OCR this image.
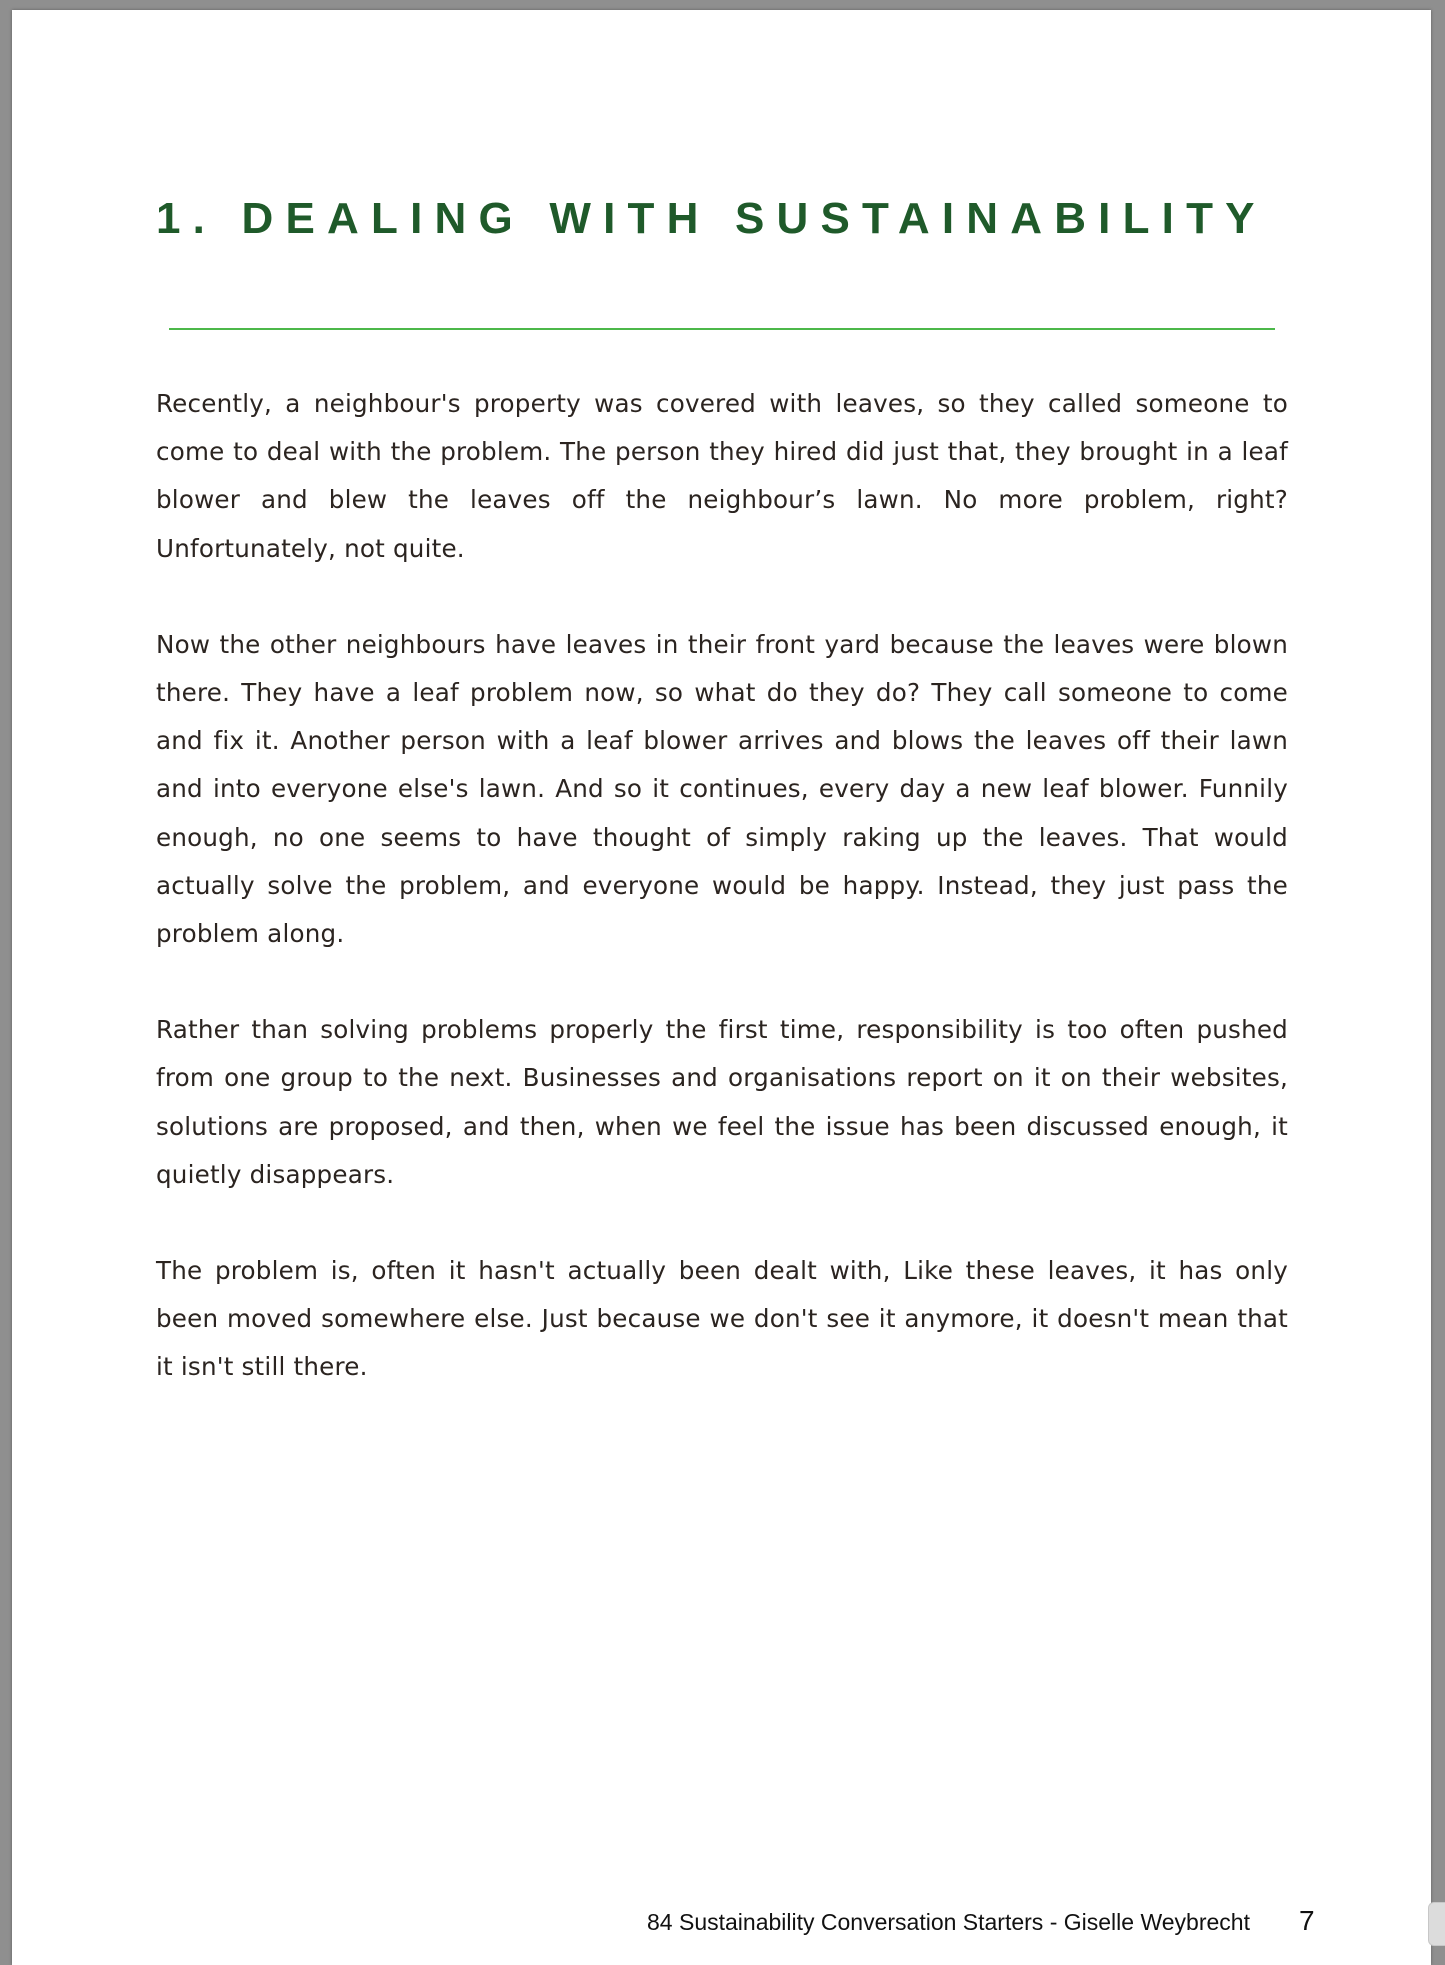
1. DEALING WITH SUSTAINABILITY

Recently, a neighbour's property was covered with leaves, so they called someone to come to deal with the problem. The person they hired did just that, they brought in a leaf blower and blew the leaves off the neighbour’s lawn. No more problem, right? Unfortunately, not quite.

Now the other neighbours have leaves in their front yard because the leaves were blown there. They have a leaf problem now, so what do they do? They call someone to come and fix it. Another person with a leaf blower arrives and blows the leaves off their lawn and into everyone else's lawn. And so it continues, every day a new leaf blower. Funnily enough, no one seems to have thought of simply raking up the leaves. That would actually solve the problem, and everyone would be happy. Instead, they just pass the problem along.

Rather than solving problems properly the first time, responsibility is too often pushed from one group to the next. Businesses and organisations report on it on their websites, solutions are proposed, and then, when we feel the issue has been discussed enough, it quietly disappears.

The problem is, often it hasn't actually been dealt with, Like these leaves, it has only been moved somewhere else. Just because we don't see it anymore, it doesn't mean that it isn't still there.

84 Sustainability Conversation Starters - Giselle Weybrecht 7
